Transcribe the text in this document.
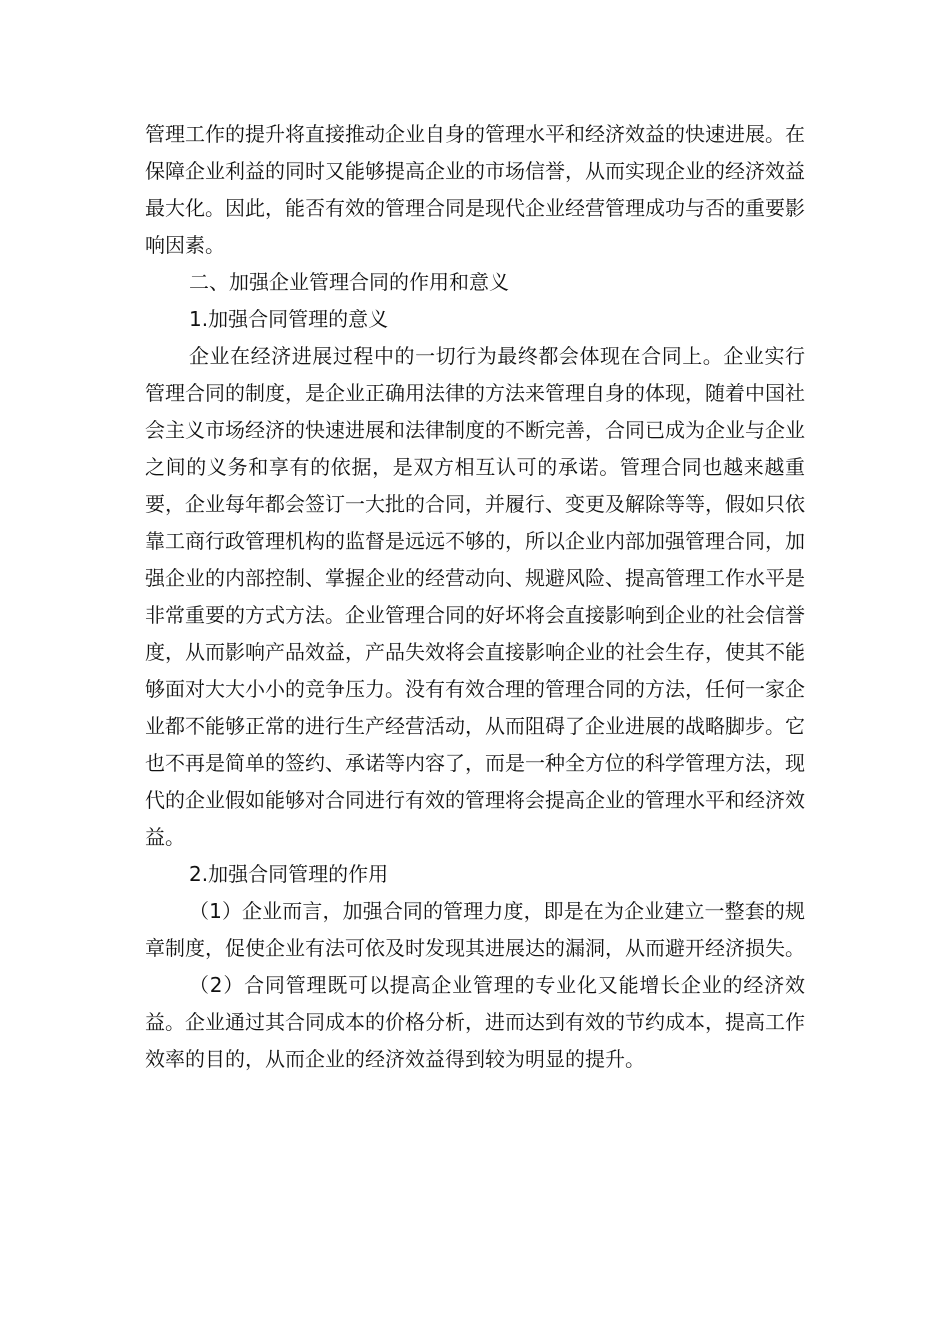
管理工作的提升将直接推动企业自身的管理水平和经济效益的快速进展。在保障企业利益的同时又能够提高企业的市场信誉，从而实现企业的经济效益最大化。因此，能否有效的管理合同是现代企业经营管理成功与否的重要影响因素。

二、加强企业管理合同的作用和意义

1.加强合同管理的意义

企业在经济进展过程中的一切行为最终都会体现在合同上。企业实行管理合同的制度，是企业正确用法律的方法来管理自身的体现，随着中国社会主义市场经济的快速进展和法律制度的不断完善，合同已成为企业与企业之间的义务和享有的依据，是双方相互认可的承诺。管理合同也越来越重要，企业每年都会签订一大批的合同，并履行、变更及解除等等，假如只依靠工商行政管理机构的监督是远远不够的，所以企业内部加强管理合同，加强企业的内部控制、掌握企业的经营动向、规避风险、提高管理工作水平是非常重要的方式方法。企业管理合同的好坏将会直接影响到企业的社会信誉度，从而影响产品效益，产品失效将会直接影响企业的社会生存，使其不能够面对大大小小的竞争压力。没有有效合理的管理合同的方法，任何一家企业都不能够正常的进行生产经营活动，从而阻碍了企业进展的战略脚步。它也不再是简单的签约、承诺等内容了，而是一种全方位的科学管理方法，现代的企业假如能够对合同进行有效的管理将会提高企业的管理水平和经济效益。

2.加强合同管理的作用

（1）企业而言，加强合同的管理力度，即是在为企业建立一整套的规章制度，促使企业有法可依及时发现其进展达的漏洞，从而避开经济损失。

（2）合同管理既可以提高企业管理的专业化又能增长企业的经济效益。企业通过其合同成本的价格分析，进而达到有效的节约成本，提高工作效率的目的，从而企业的经济效益得到较为明显的提升。
